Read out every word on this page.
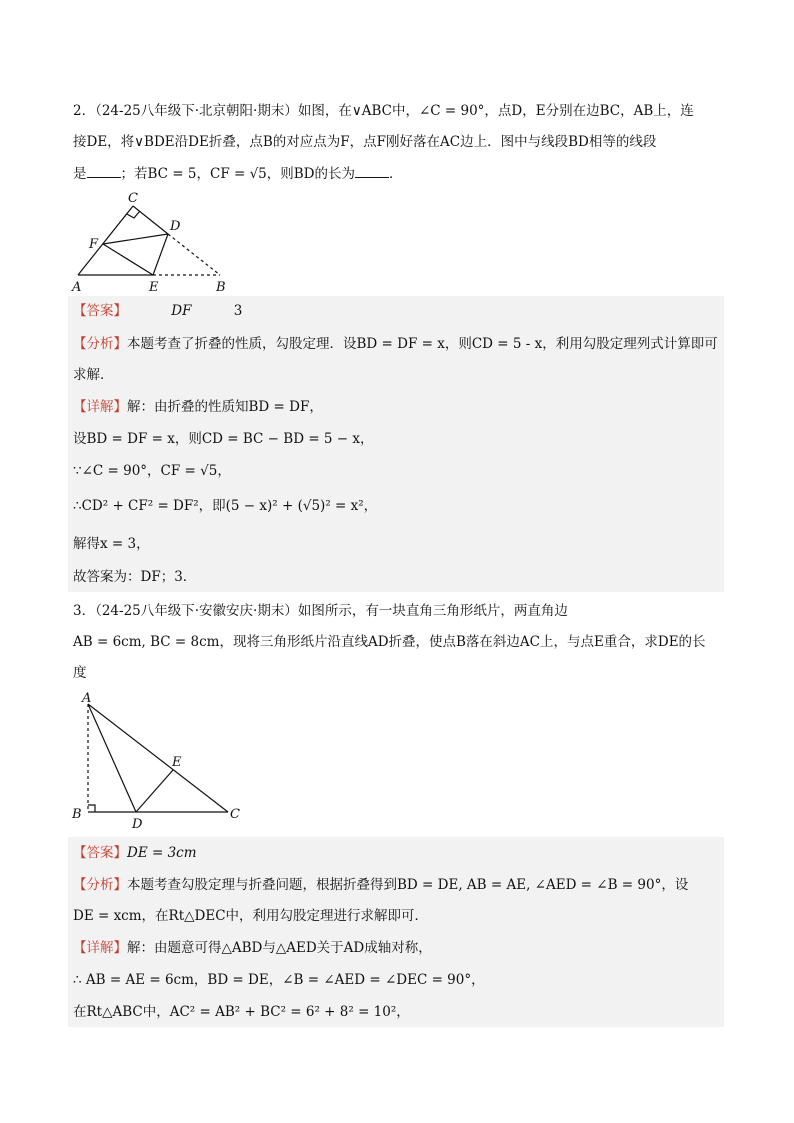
2．（24-25八年级下·北京朝阳·期末）如图，在∨ABC中，∠C = 90°，点D，E分别在边BC，AB上，连
接DE，将∨BDE沿DE折叠，点B的对应点为F，点F刚好落在AC边上．图中与线段BD相等的线段
是	；若BC = 5，CF = √5，则BD的长为	．
C
D
F
A	E	B
【答案】	DF	3
【分析】本题考查了折叠的性质，勾股定理．设BD = DF = x，则CD = 5 - x，利用勾股定理列式计算即可
求解．
【详解】解：由折叠的性质知BD = DF，
设BD = DF = x，则CD = BC − BD = 5 − x，
∵∠C = 90°，CF = √5，
∴CD² + CF² = DF²，即(5 − x)² + (√5)² = x²，
解得x = 3，
故答案为：DF；3．
3．（24-25八年级下·安徽安庆·期末）如图所示，有一块直角三角形纸片，两直角边
AB = 6cm, BC = 8cm，现将三角形纸片沿直线AD折叠，使点B落在斜边AC上，与点E重合，求DE的长
度
A
E
B
D
C
【答案】DE = 3cm
【分析】本题考查勾股定理与折叠问题，根据折叠得到BD = DE, AB = AE, ∠AED = ∠B = 90°，设
DE = xcm，在Rt△DEC中，利用勾股定理进行求解即可．
【详解】解：由题意可得△ABD与△AED关于AD成轴对称，
∴ AB = AE = 6cm，BD = DE，∠B = ∠AED = ∠DEC = 90°，
在Rt△ABC中，AC² = AB² + BC² = 6² + 8² = 10²，
